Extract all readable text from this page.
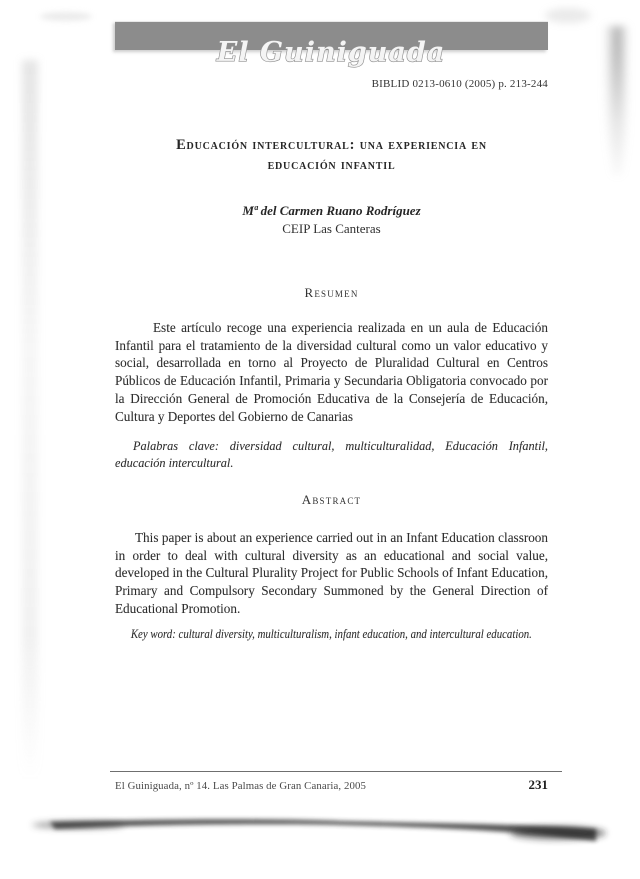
El Guiniguada
BIBLID 0213-0610 (2005) p. 213-244
Educación intercultural: una experiencia en
educación infantil
Mª del Carmen Ruano Rodríguez
CEIP Las Canteras
Resumen
Este artículo recoge una experiencia realizada en un aula de Educación Infantil para el tratamiento de la diversidad cultural como un valor educativo y social, desarrollada en torno al Proyecto de Pluralidad Cultural en Centros Públicos de Educación Infantil, Primaria y Secundaria Obligatoria convocado por la Dirección General de Promoción Educativa de la Consejería de Educación, Cultura y Deportes del Gobierno de Canarias
Palabras clave: diversidad cultural, multiculturalidad, Educación Infantil, educación intercultural.
Abstract
This paper is about an experience carried out in an Infant Education classroon in order to deal with cultural diversity as an educational and social value, developed in the Cultural Plurality Project for Public Schools of Infant Education, Primary and Compulsory Secondary Summoned by the General Direction of Educational Promotion.
Key word: cultural diversity, multiculturalism, infant education, and intercultural education.
El Guiniguada, nº 14. Las Palmas de Gran Canaria, 2005	231
